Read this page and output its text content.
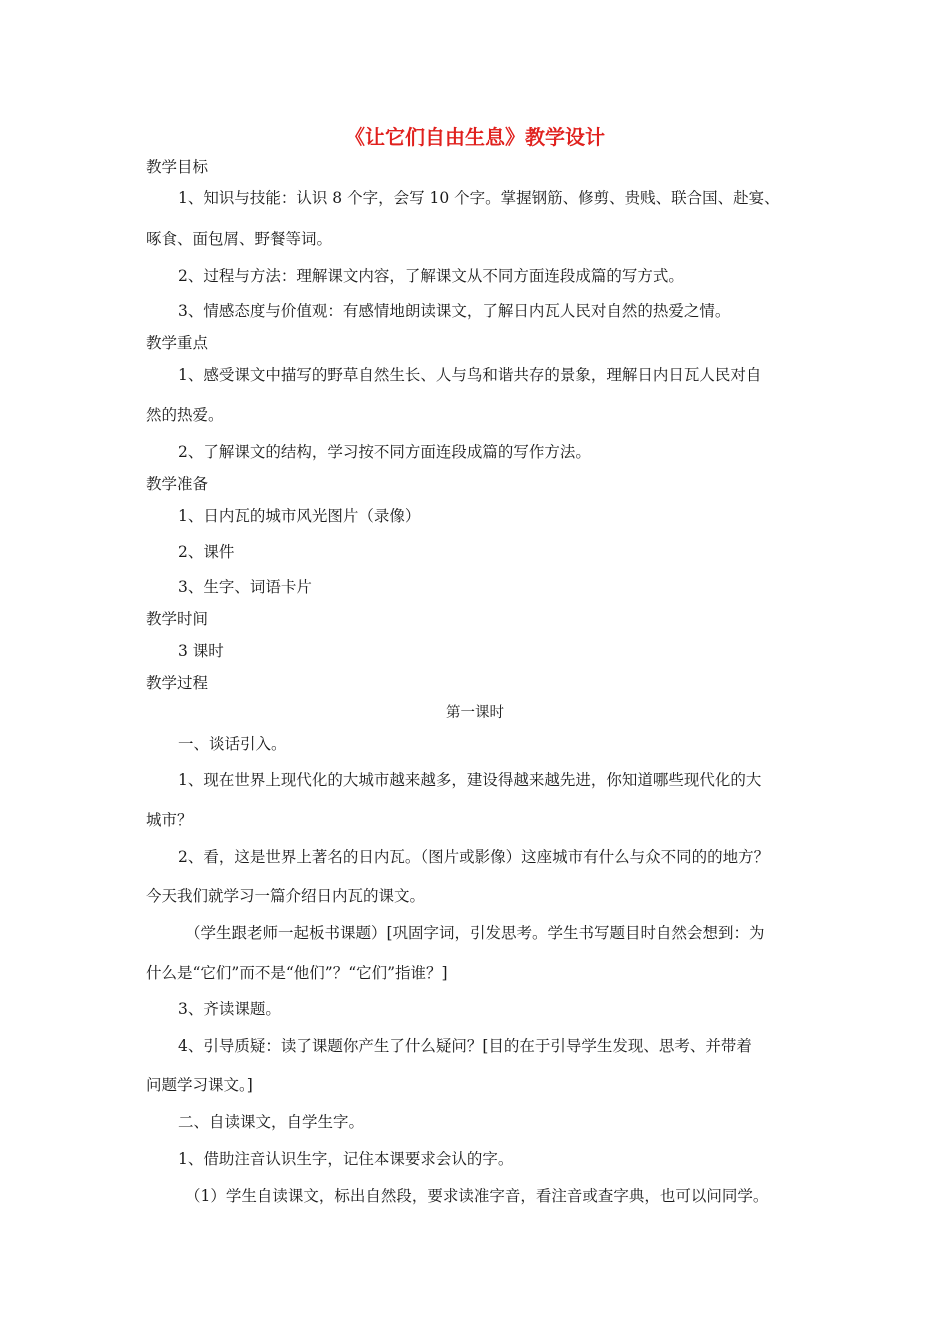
《让它们自由生息》教学设计

教学目标

1、知识与技能：认识 8 个字，会写 10 个字。掌握钢筋、修剪、贵贱、联合国、赴宴、

啄食、面包屑、野餐等词。

2、过程与方法：理解课文内容，了解课文从不同方面连段成篇的写方式。

3、情感态度与价值观：有感情地朗读课文，了解日内瓦人民对自然的热爱之情。

教学重点

1、感受课文中描写的野草自然生长、人与鸟和谐共存的景象，理解日内日瓦人民对自

然的热爱。

2、了解课文的结构，学习按不同方面连段成篇的写作方法。

教学准备

1、日内瓦的城市风光图片（录像）

2、课件

3、生字、词语卡片

教学时间

3 课时

教学过程

第一课时

一、谈话引入。

1、现在世界上现代化的大城市越来越多，建设得越来越先进，你知道哪些现代化的大

城市？

2、看，这是世界上著名的日内瓦。（图片或影像）这座城市有什么与众不同的的地方？

今天我们就学习一篇介绍日内瓦的课文。

（学生跟老师一起板书课题）[巩固字词，引发思考。学生书写题目时自然会想到：为

什么是“它们”而不是“他们”？“它们”指谁？]

3、齐读课题。

4、引导质疑：读了课题你产生了什么疑问？[目的在于引导学生发现、思考、并带着

问题学习课文。]

二、自读课文，自学生字。

1、借助注音认识生字，记住本课要求会认的字。

（1）学生自读课文，标出自然段，要求读准字音，看注音或查字典，也可以问同学。
